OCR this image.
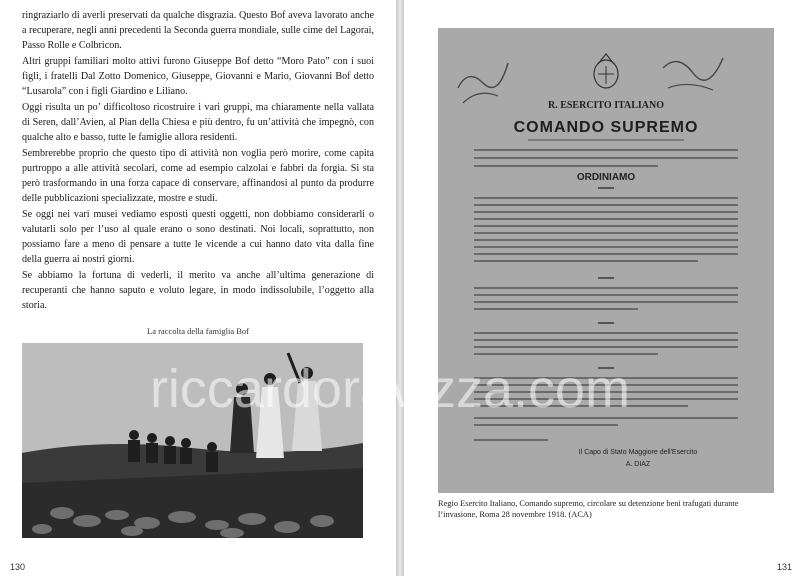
ringraziarlo di averli preservati da qualche disgrazia. Questo Bof aveva lavorato anche a recuperare, negli anni precedenti la Seconda guerra mondiale, sulle cime del Lagorai, Passo Rolle e Colbricon.

Altri gruppi familiari molto attivi furono Giuseppe Bof detto “Moro Pato” con i suoi figli, i fratelli Dal Zotto Domenico, Giuseppe, Giovanni e Mario, Giovanni Bof detto “Lusarola” con i figli Giardino e Liliano.

Oggi risulta un po’ difficoltoso ricostruire i vari gruppi, ma chiaramente nella vallata di Seren, dall’Avien, al Pian della Chiesa e più dentro, fu un’attività che impegnò, con qualche alto e basso, tutte le famiglie allora residenti.

Sembrerebbe proprio che questo tipo di attività non voglia però morire, come capita purtroppo a alle attività secolari, come ad esempio calzolai e fabbri da forgia. Si sta però trasformando in una forza capace di conservare, affinandosi al punto da produrre delle pubblicazioni specializzate, mostre e studi.

Se oggi nei vari musei vediamo esposti questi oggetti, non dobbiamo considerarli o valutarli solo per l’uso al quale erano o sono destinati. Noi locali, soprattutto, non possiamo fare a meno di pensare a tutte le vicende a cui hanno dato vita dalla fine della guerra ai nostri giorni.

Se abbiamo la fortuna di vederli, il merito va anche all’ultima generazione di recuperanti che hanno saputo e voluto legare, in modo indissolubile, l’oggetto alla storia.

La raccolta della famiglia Bof
130
R. ESERCITO ITALIANO
COMANDO SUPREMO
ORDINIAMO
Il Capo di Stato Maggiore dell'Esercito
A. DIAZ
Regio Esercito Italiano, Comando supremo, circolare su detenzione beni trafugati durante l’invasione, Roma 28 novembre 1918. (ACA)
131
riccardoravizza.com
